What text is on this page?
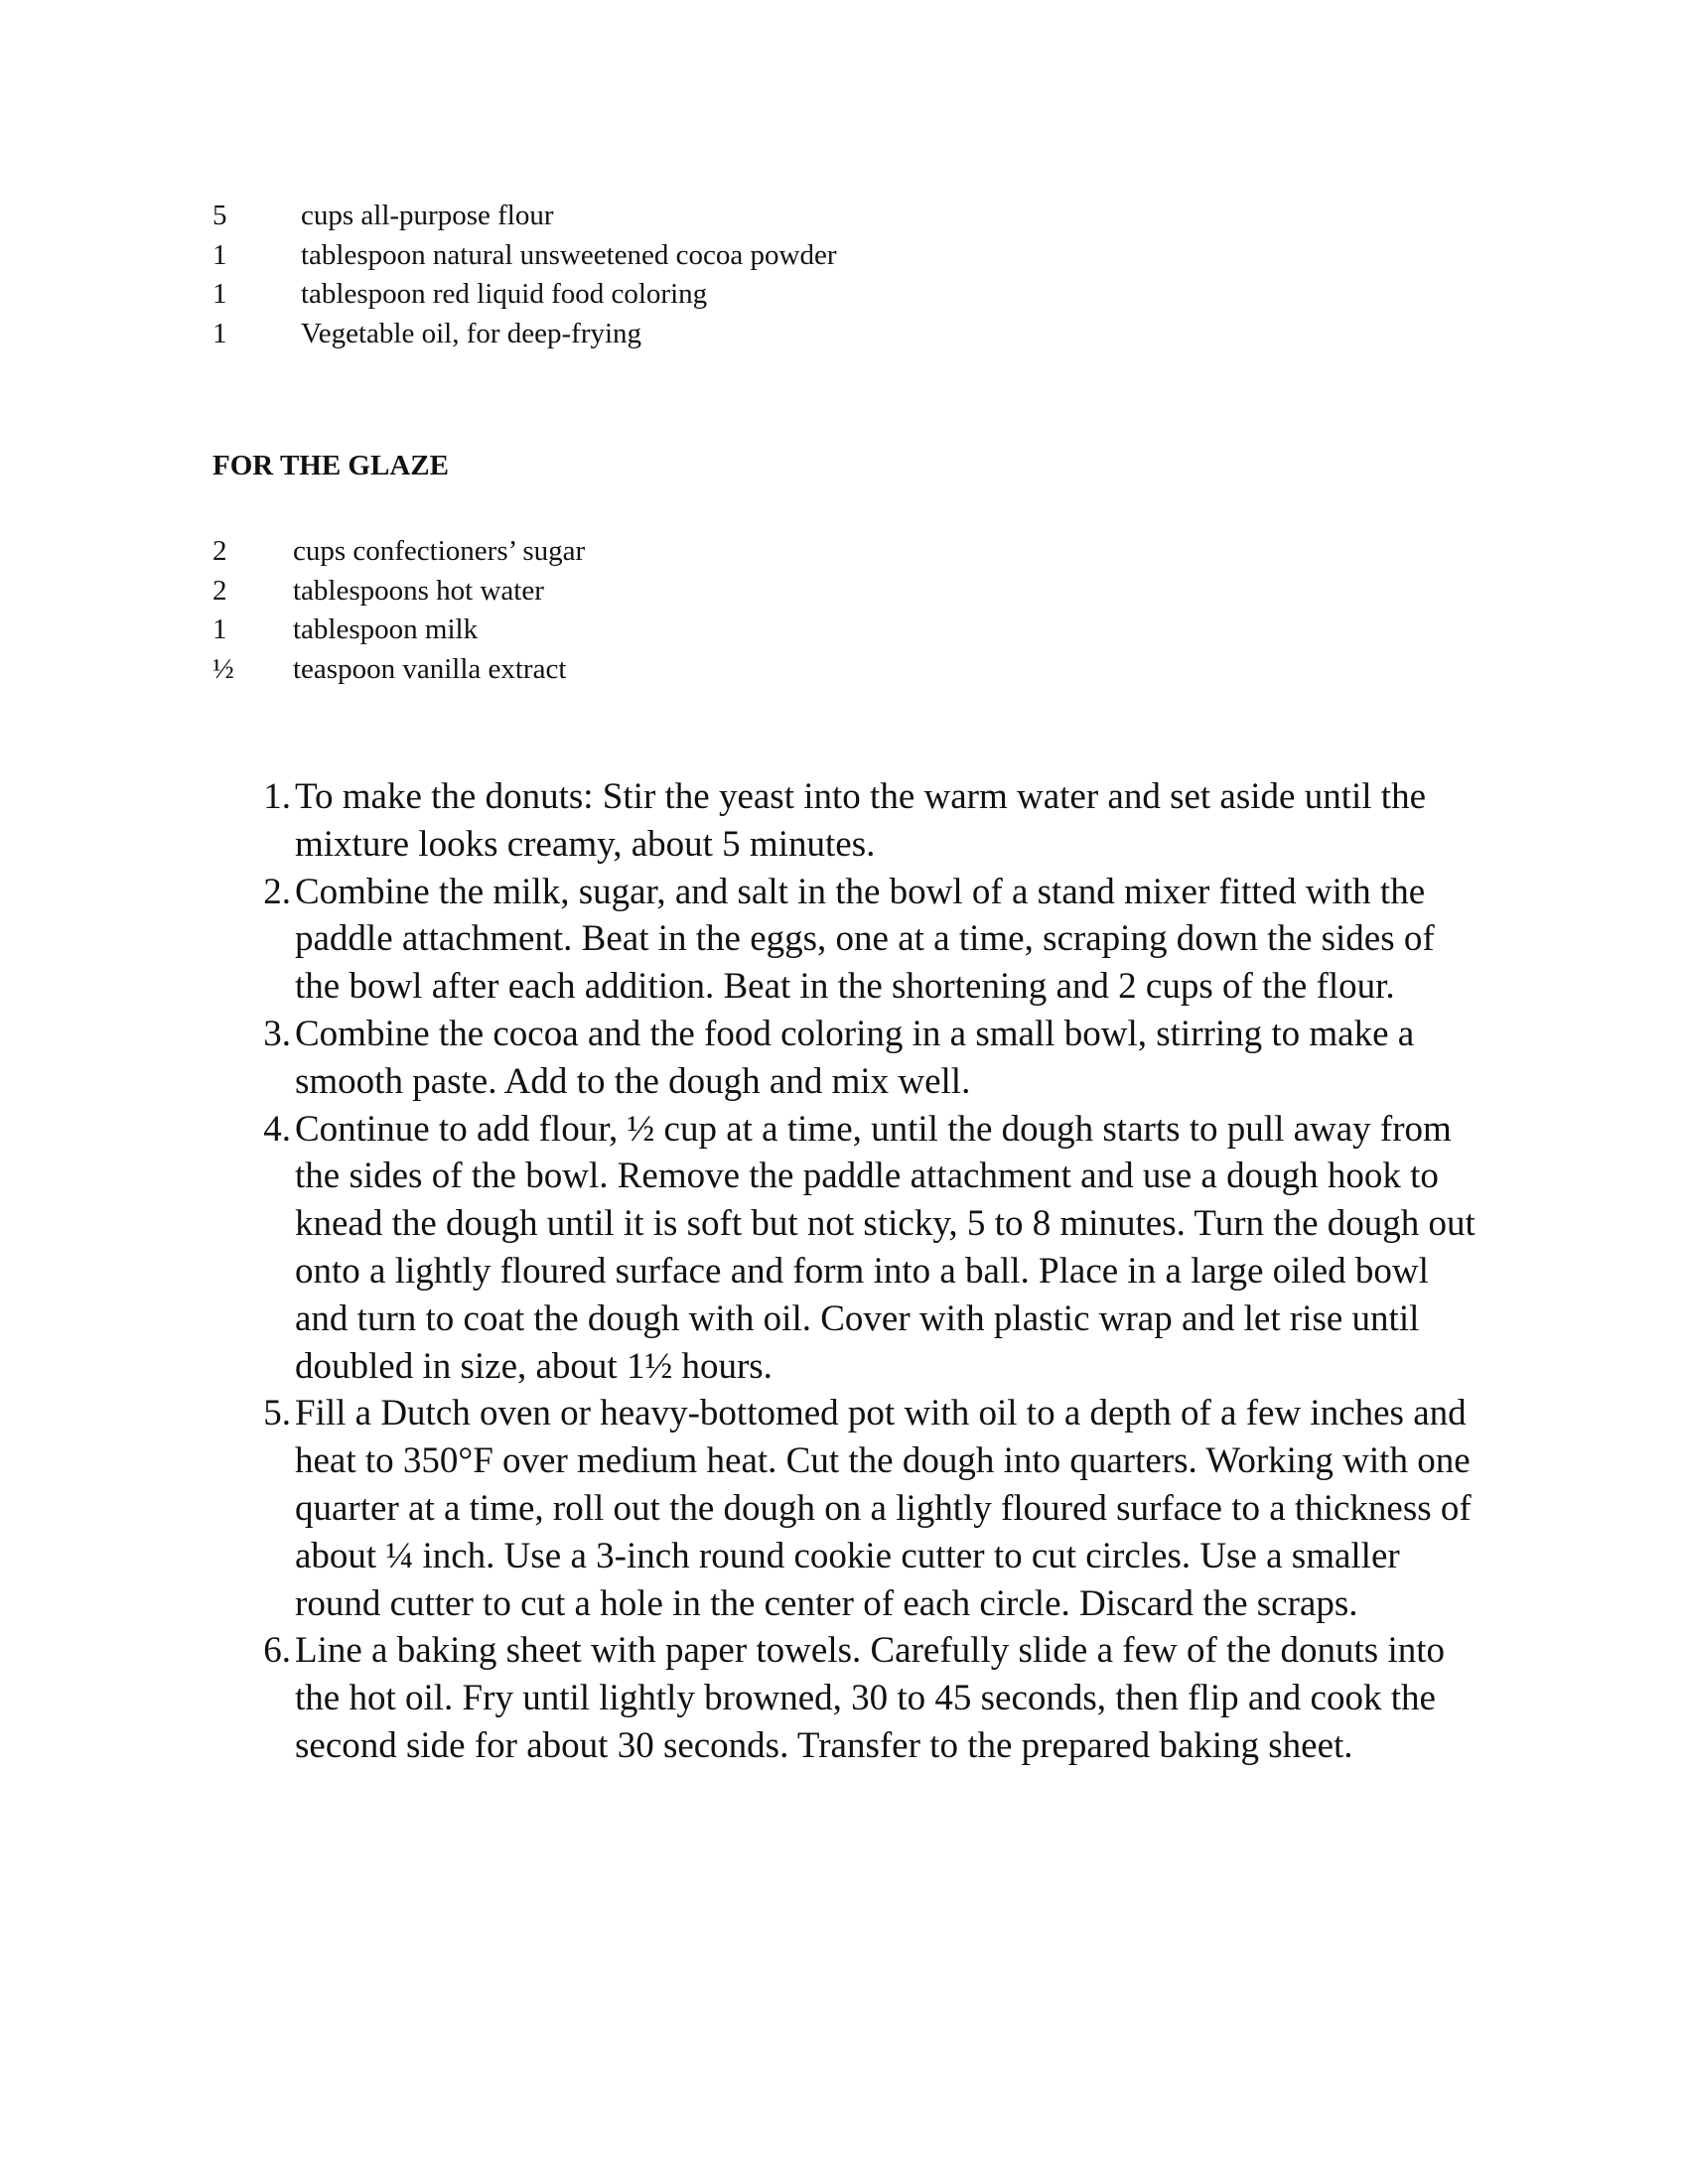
5	cups all-purpose flour
1	tablespoon natural unsweetened cocoa powder
1	tablespoon red liquid food coloring
1	Vegetable oil, for deep-frying
FOR THE GLAZE
2	cups confectioners’ sugar
2	tablespoons hot water
1	tablespoon milk
½	teaspoon vanilla extract
1. To make the donuts: Stir the yeast into the warm water and set aside until the mixture looks creamy, about 5 minutes.
2. Combine the milk, sugar, and salt in the bowl of a stand mixer fitted with the paddle attachment. Beat in the eggs, one at a time, scraping down the sides of the bowl after each addition. Beat in the shortening and 2 cups of the flour.
3. Combine the cocoa and the food coloring in a small bowl, stirring to make a smooth paste. Add to the dough and mix well.
4. Continue to add flour, ½ cup at a time, until the dough starts to pull away from the sides of the bowl. Remove the paddle attachment and use a dough hook to knead the dough until it is soft but not sticky, 5 to 8 minutes. Turn the dough out onto a lightly floured surface and form into a ball. Place in a large oiled bowl and turn to coat the dough with oil. Cover with plastic wrap and let rise until doubled in size, about 1½ hours.
5. Fill a Dutch oven or heavy-bottomed pot with oil to a depth of a few inches and heat to 350°F over medium heat. Cut the dough into quarters. Working with one quarter at a time, roll out the dough on a lightly floured surface to a thickness of about ¼ inch. Use a 3-inch round cookie cutter to cut circles. Use a smaller round cutter to cut a hole in the center of each circle. Discard the scraps.
6. Line a baking sheet with paper towels. Carefully slide a few of the donuts into the hot oil. Fry until lightly browned, 30 to 45 seconds, then flip and cook the second side for about 30 seconds. Transfer to the prepared baking sheet.
